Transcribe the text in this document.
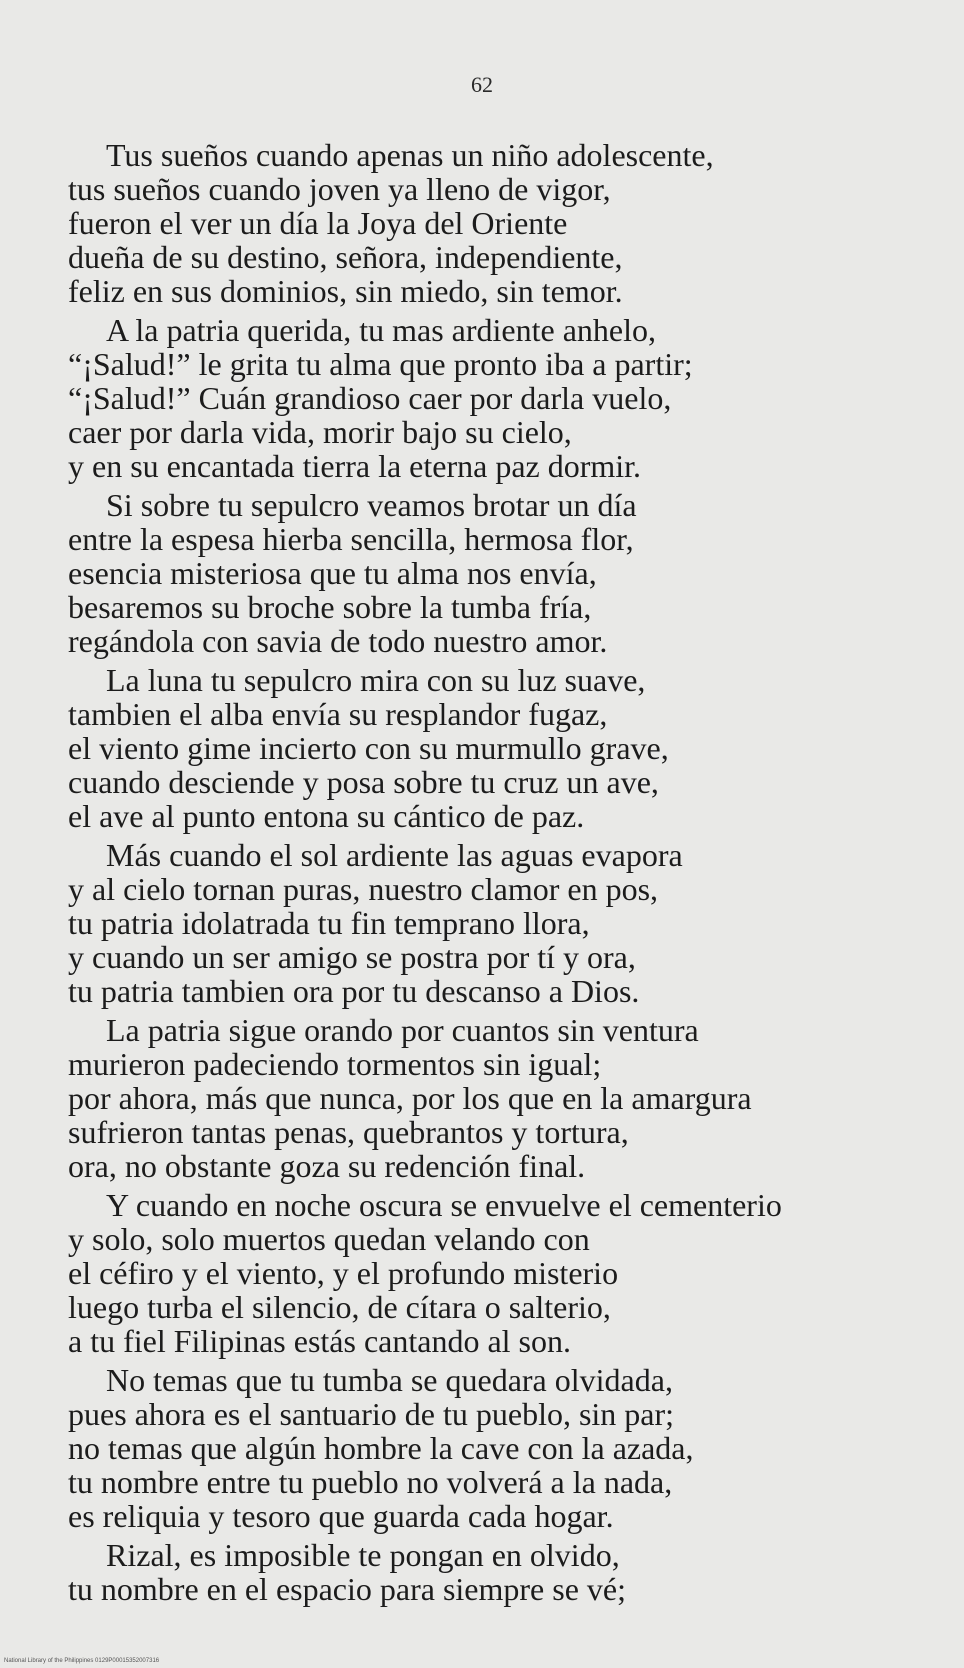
62
Tus sueños cuando apenas un niño adolescente,
tus sueños cuando joven ya lleno de vigor,
fueron el ver un día la Joya del Oriente
dueña de su destino, señora, independiente,
feliz en sus dominios, sin miedo, sin temor.
A la patria querida, tu mas ardiente anhelo,
“¡Salud!” le grita tu alma que pronto iba a partir;
“¡Salud!” Cuán grandioso caer por darla vuelo,
caer por darla vida, morir bajo su cielo,
y en su encantada tierra la eterna paz dormir.
Si sobre tu sepulcro veamos brotar un día
entre la espesa hierba sencilla, hermosa flor,
esencia misteriosa que tu alma nos envía,
besaremos su broche sobre la tumba fría,
regándola con savia de todo nuestro amor.
La luna tu sepulcro mira con su luz suave,
tambien el alba envía su resplandor fugaz,
el viento gime incierto con su murmullo grave,
cuando desciende y posa sobre tu cruz un ave,
el ave al punto entona su cántico de paz.
Más cuando el sol ardiente las aguas evapora
y al cielo tornan puras, nuestro clamor en pos,
tu patria idolatrada tu fin temprano llora,
y cuando un ser amigo se postra por tí y ora,
tu patria tambien ora por tu descanso a Dios.
La patria sigue orando por cuantos sin ventura
murieron padeciendo tormentos sin igual;
por ahora, más que nunca, por los que en la amargura
sufrieron tantas penas, quebrantos y tortura,
ora, no obstante goza su redención final.
Y cuando en noche oscura se envuelve el cementerio
y solo, solo muertos quedan velando con
el céfiro y el viento, y el profundo misterio
luego turba el silencio, de cítara o salterio,
a tu fiel Filipinas estás cantando al son.
No temas que tu tumba se quedara olvidada,
pues ahora es el santuario de tu pueblo, sin par;
no temas que algún hombre la cave con la azada,
tu nombre entre tu pueblo no volverá a la nada,
es reliquia y tesoro que guarda cada hogar.
Rizal, es imposible te pongan en olvido,
tu nombre en el espacio para siempre se vé;
National Library of the Philippines 0129P00015352007316
